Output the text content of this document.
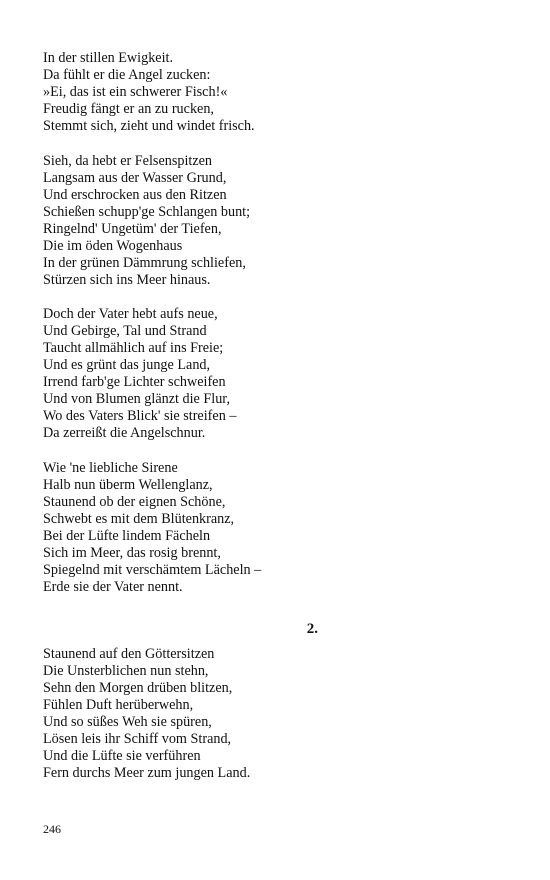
In der stillen Ewigkeit.
Da fühlt er die Angel zucken:
»Ei, das ist ein schwerer Fisch!«
Freudig fängt er an zu rucken,
Stemmt sich, zieht und windet frisch.
Sieh, da hebt er Felsenspitzen
Langsam aus der Wasser Grund,
Und erschrocken aus den Ritzen
Schießen schupp'ge Schlangen bunt;
Ringelnd' Ungetüm' der Tiefen,
Die im öden Wogenhaus
In der grünen Dämmrung schliefen,
Stürzen sich ins Meer hinaus.
Doch der Vater hebt aufs neue,
Und Gebirge, Tal und Strand
Taucht allmählich auf ins Freie;
Und es grünt das junge Land,
Irrend farb'ge Lichter schweifen
Und von Blumen glänzt die Flur,
Wo des Vaters Blick' sie streifen –
Da zerreißt die Angelschnur.
Wie 'ne liebliche Sirene
Halb nun überm Wellenglanz,
Staunend ob der eignen Schöne,
Schwebt es mit dem Blütenkranz,
Bei der Lüfte lindem Fächeln
Sich im Meer, das rosig brennt,
Spiegelnd mit verschämtem Lächeln –
Erde sie der Vater nennt.
2.
Staunend auf den Göttersitzen
Die Unsterblichen nun stehn,
Sehn den Morgen drüben blitzen,
Fühlen Duft herüberwehn,
Und so süßes Weh sie spüren,
Lösen leis ihr Schiff vom Strand,
Und die Lüfte sie verführen
Fern durchs Meer zum jungen Land.
246
